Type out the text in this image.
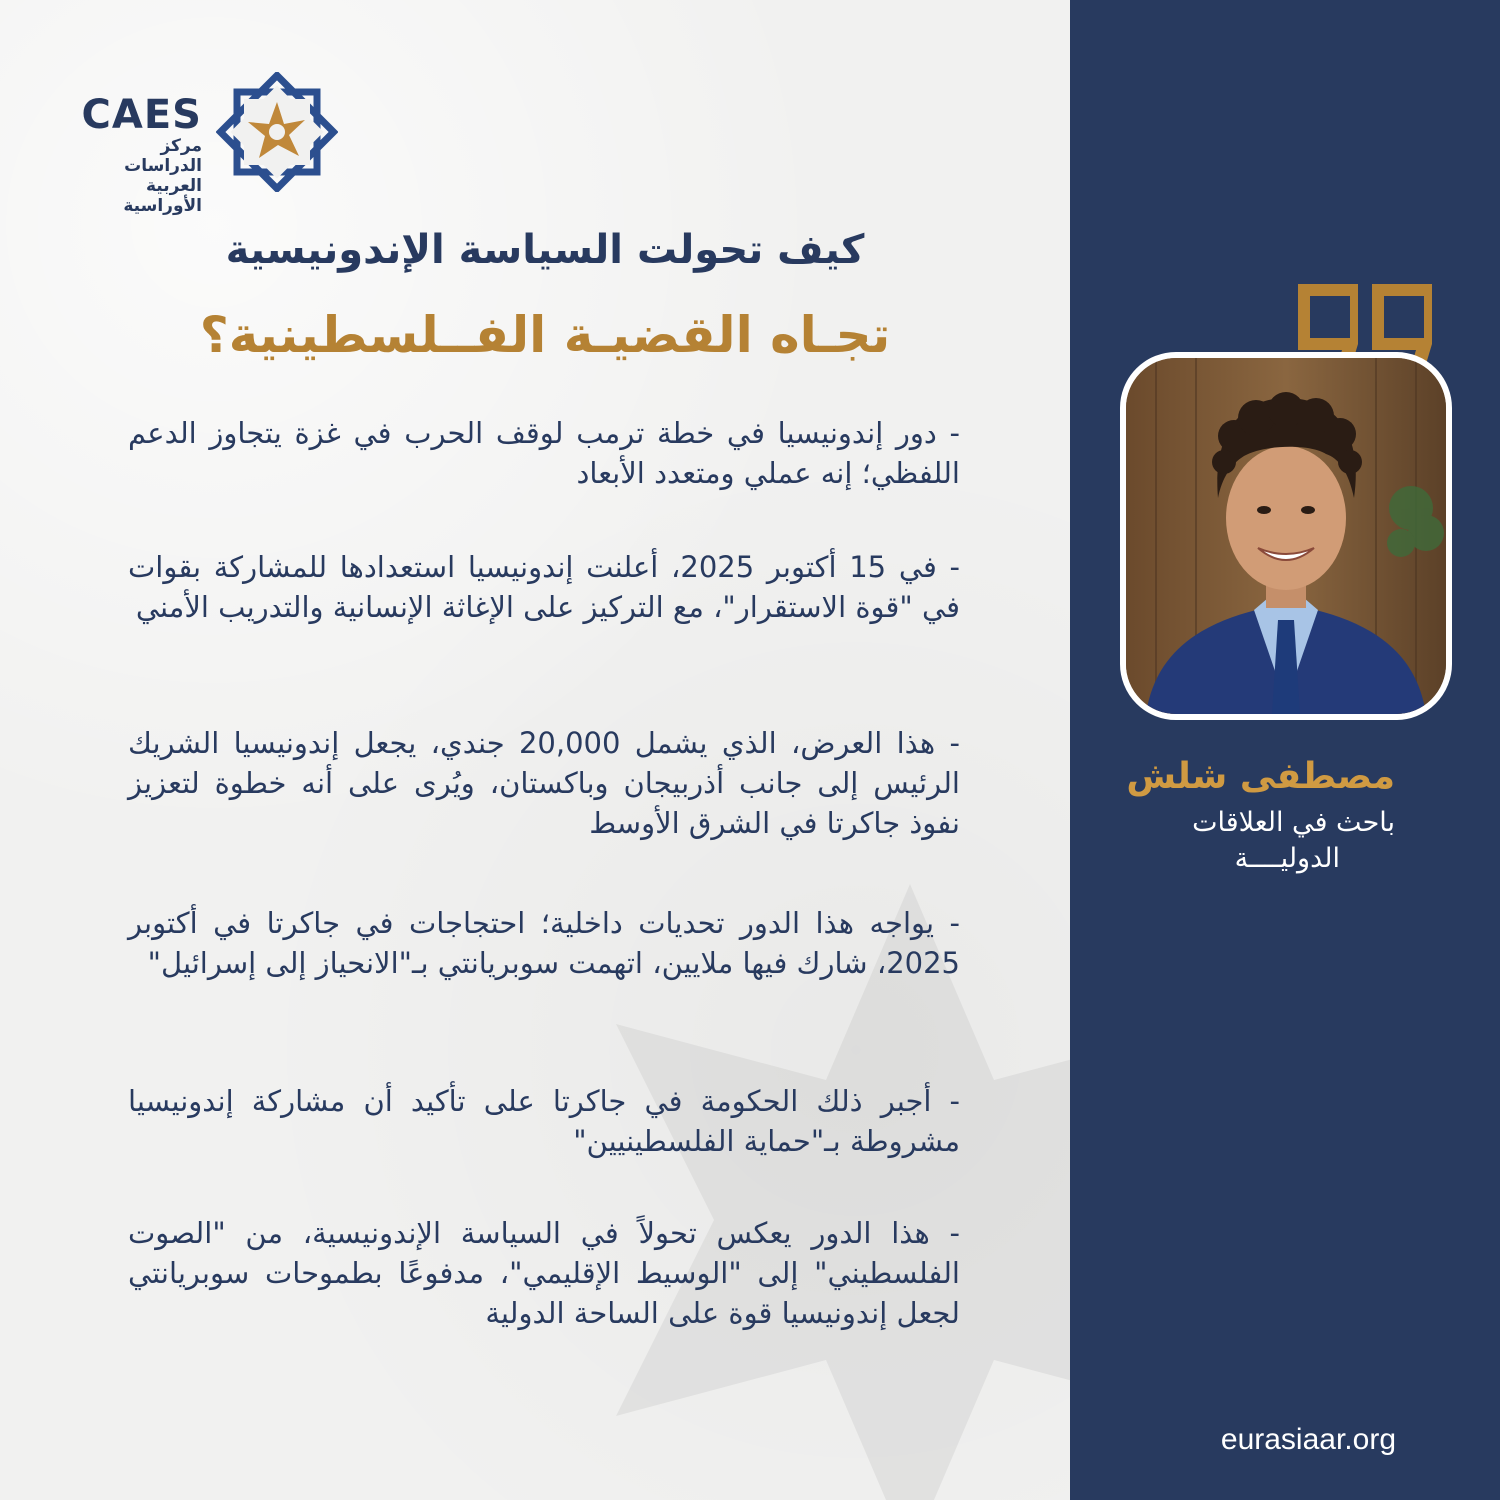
CAES
مركز الدراسات
العربية الأوراسية
كيف تحولت السياسة الإندونيسية
تجـاه القضيـة الفــلسطينية؟

- دور إندونيسيا في خطة ترمب لوقف الحرب في غزة يتجاوز الدعم اللفظي؛ إنه عملي ومتعدد الأبعاد

- في 15 أكتوبر 2025، أعلنت إندونيسيا استعدادها للمشاركة بقوات في "قوة الاستقرار"، مع التركيز على الإغاثة الإنسانية والتدريب الأمني

- هذا العرض، الذي يشمل 20,000 جندي، يجعل إندونيسيا الشريك الرئيس إلى جانب أذربيجان وباكستان، ويُرى على أنه خطوة لتعزيز نفوذ جاكرتا في الشرق الأوسط

- يواجه هذا الدور تحديات داخلية؛ احتجاجات في جاكرتا في أكتوبر 2025، شارك فيها ملايين، اتهمت سوبريانتي بـ"الانحياز إلى إسرائيل"

- أجبر ذلك الحكومة في جاكرتا على تأكيد أن مشاركة إندونيسيا مشروطة بـ"حماية الفلسطينيين"

- هذا الدور يعكس تحولاً في السياسة الإندونيسية، من "الصوت الفلسطيني" إلى "الوسيط الإقليمي"، مدفوعًا بطموحات سوبريانتي لجعل إندونيسيا قوة على الساحة الدولية

مصطفى شلش
باحث في العلاقات
الدوليــــة
eurasiaar.org
